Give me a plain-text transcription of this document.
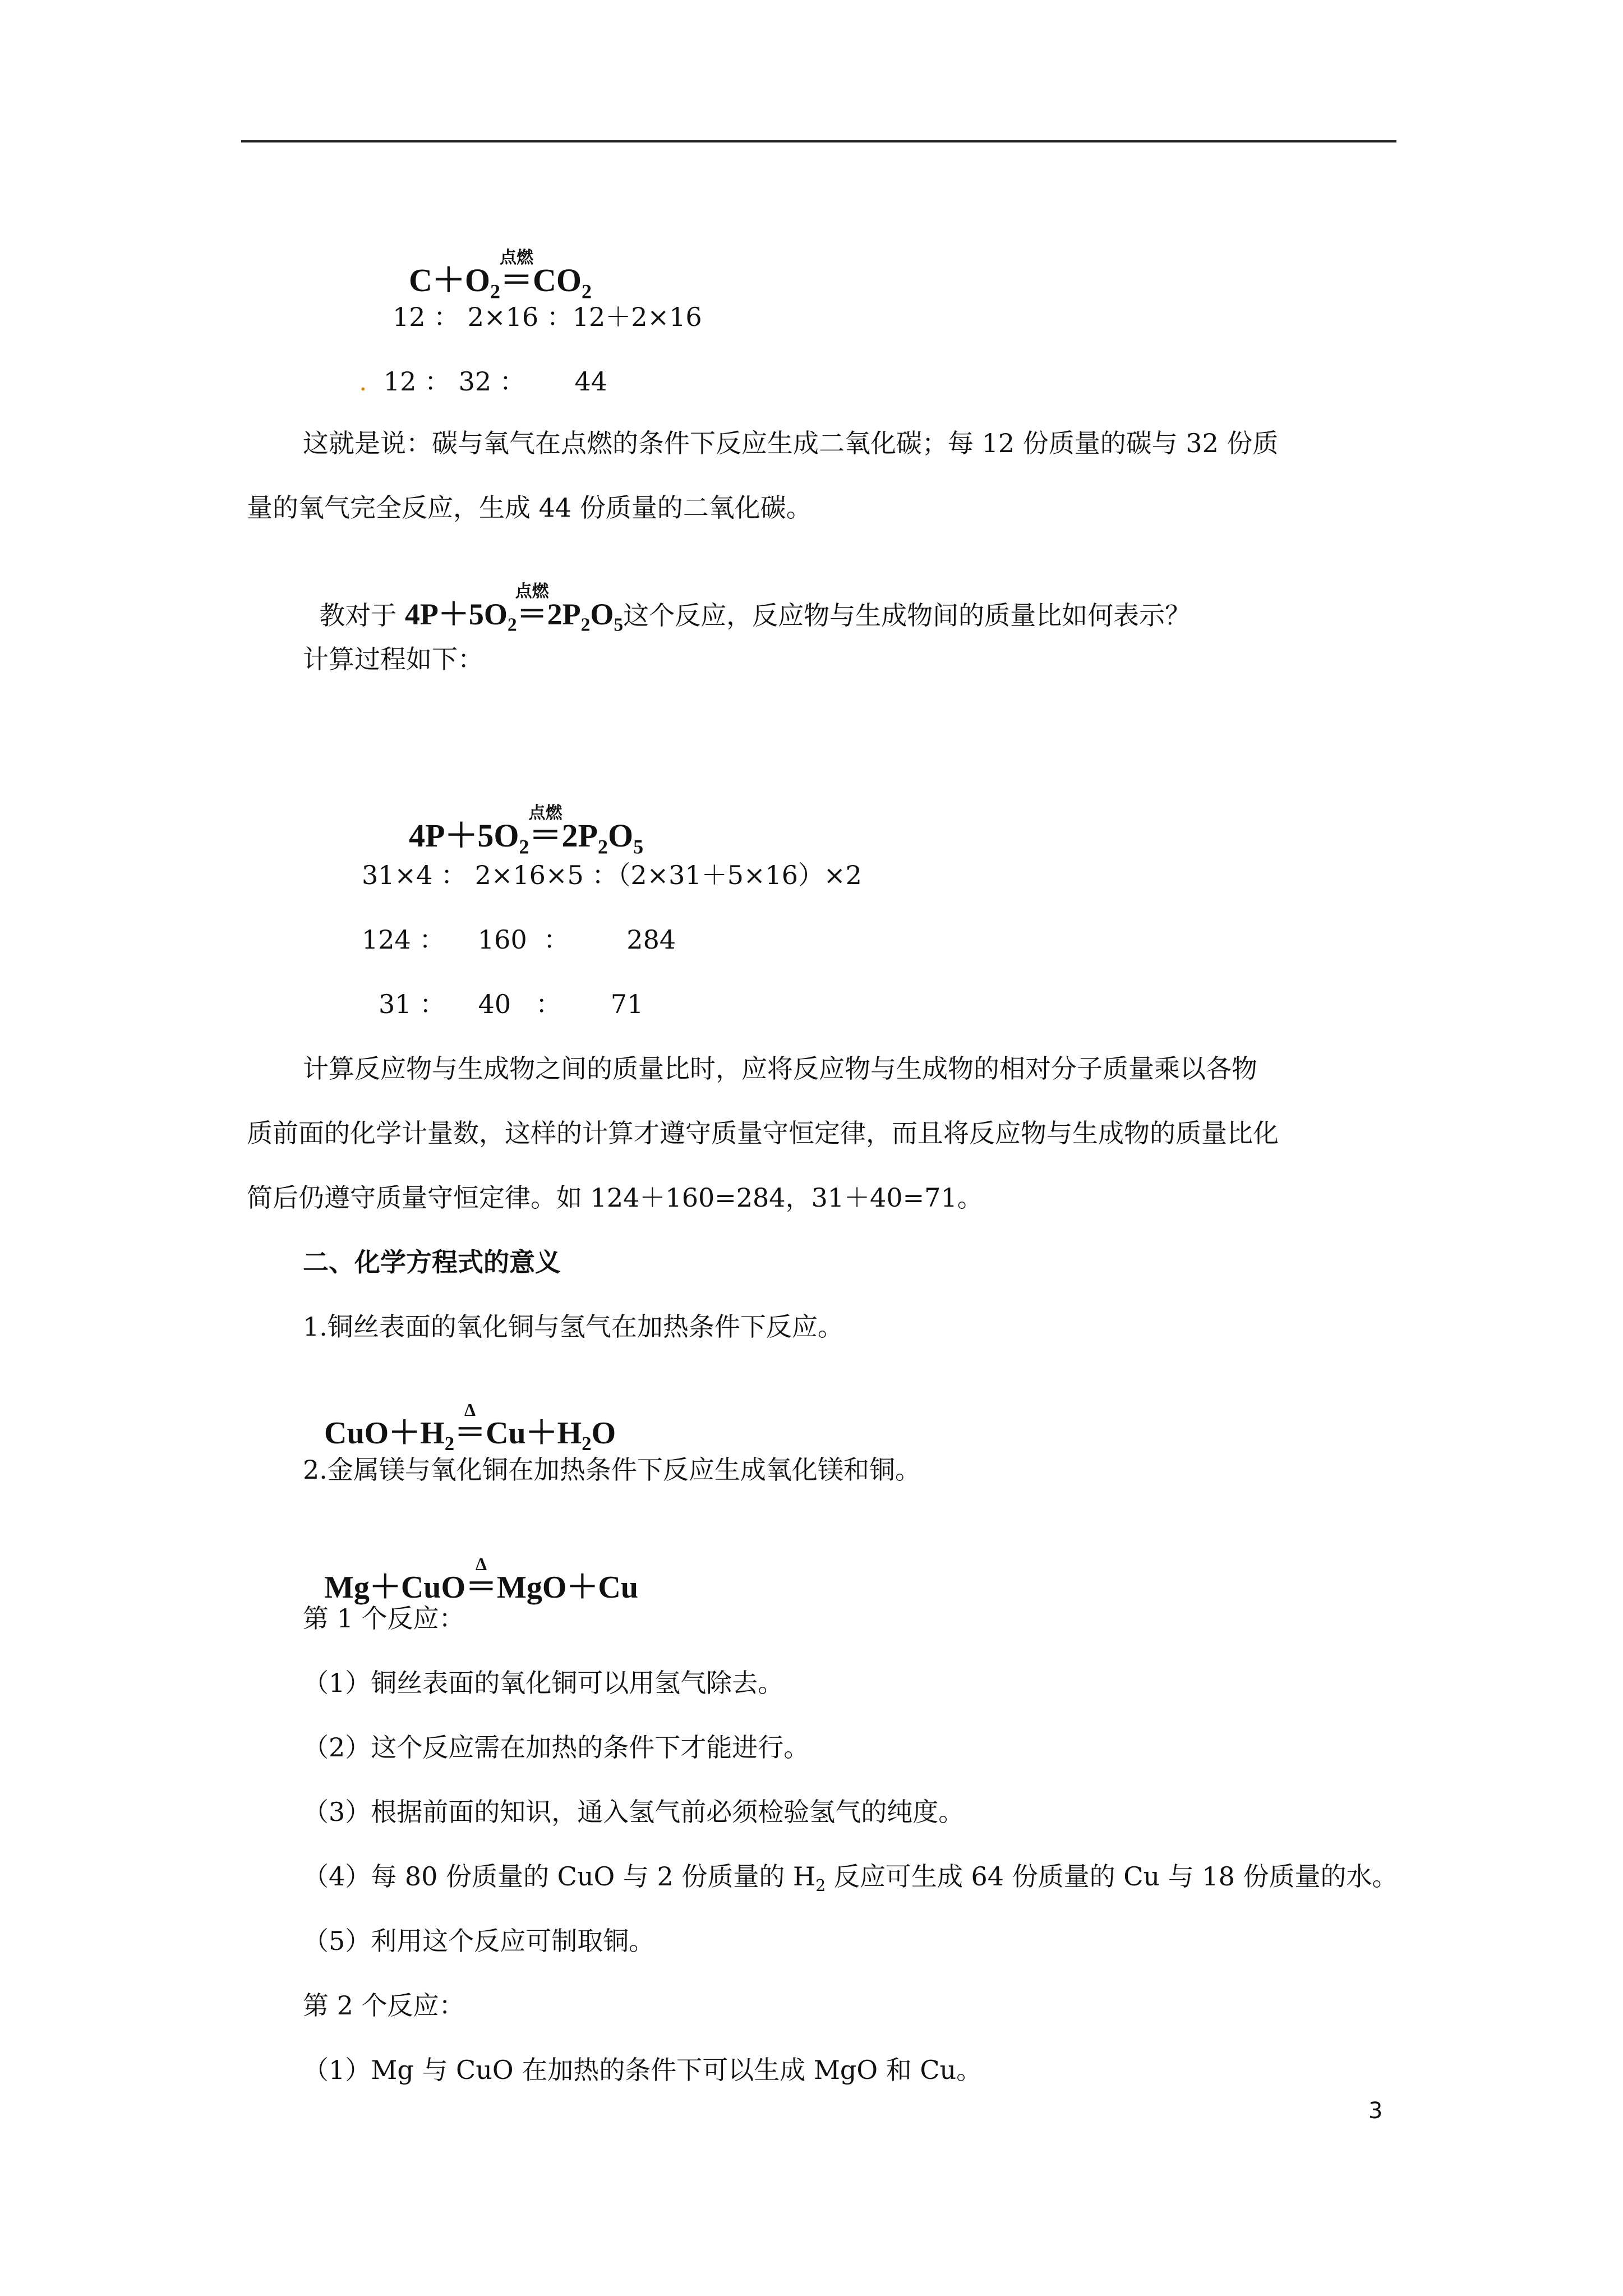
$C+O_2$
点燃
$=CO_2$

12 ： 2×16 ：12＋2×16
. 12 ： 32 ：      44
这就是说：碳与氧气在点燃的条件下反应生成二氧化碳；每 12 份质量的碳与 32 份质
量的氧气完全反应，生成 44 份质量的二氧化碳。

教对于 $4P+5O_2$
点燃
$=2P_2O_5$这个反应，反应物与生成物间的质量比如何表示？

计算过程如下：

$4P+5O_2$
点燃
$=2P_2O_5$

31×4 ： 2×16×5 ：（2×31＋5×16）×2
124 ：    160  ：       284
31 ：    40   ：      71
计算反应物与生成物之间的质量比时，应将反应物与生成物的相对分子质量乘以各物
质前面的化学计量数，这样的计算才遵守质量守恒定律，而且将反应物与生成物的质量比化
简后仍遵守质量守恒定律。如 124＋160=284，31＋40=71。
二、化学方程式的意义
1.铜丝表面的氧化铜与氢气在加热条件下反应。

$CuO+H_2$
Δ
$=Cu+H_2O$

2.金属镁与氧化铜在加热条件下反应生成氧化镁和铜。

Mg＋CuO
Δ
＝MgO＋Cu

第 1 个反应：
（1）铜丝表面的氧化铜可以用氢气除去。
（2）这个反应需在加热的条件下才能进行。
（3）根据前面的知识，通入氢气前必须检验氢气的纯度。
（4）每 80 份质量的 CuO 与 2 份质量的 $H_2$ 反应可生成 64 份质量的 Cu 与 18 份质量的水。
（5）利用这个反应可制取铜。
第 2 个反应：
（1）Mg 与 CuO 在加热的条件下可以生成 MgO 和 Cu。
3
